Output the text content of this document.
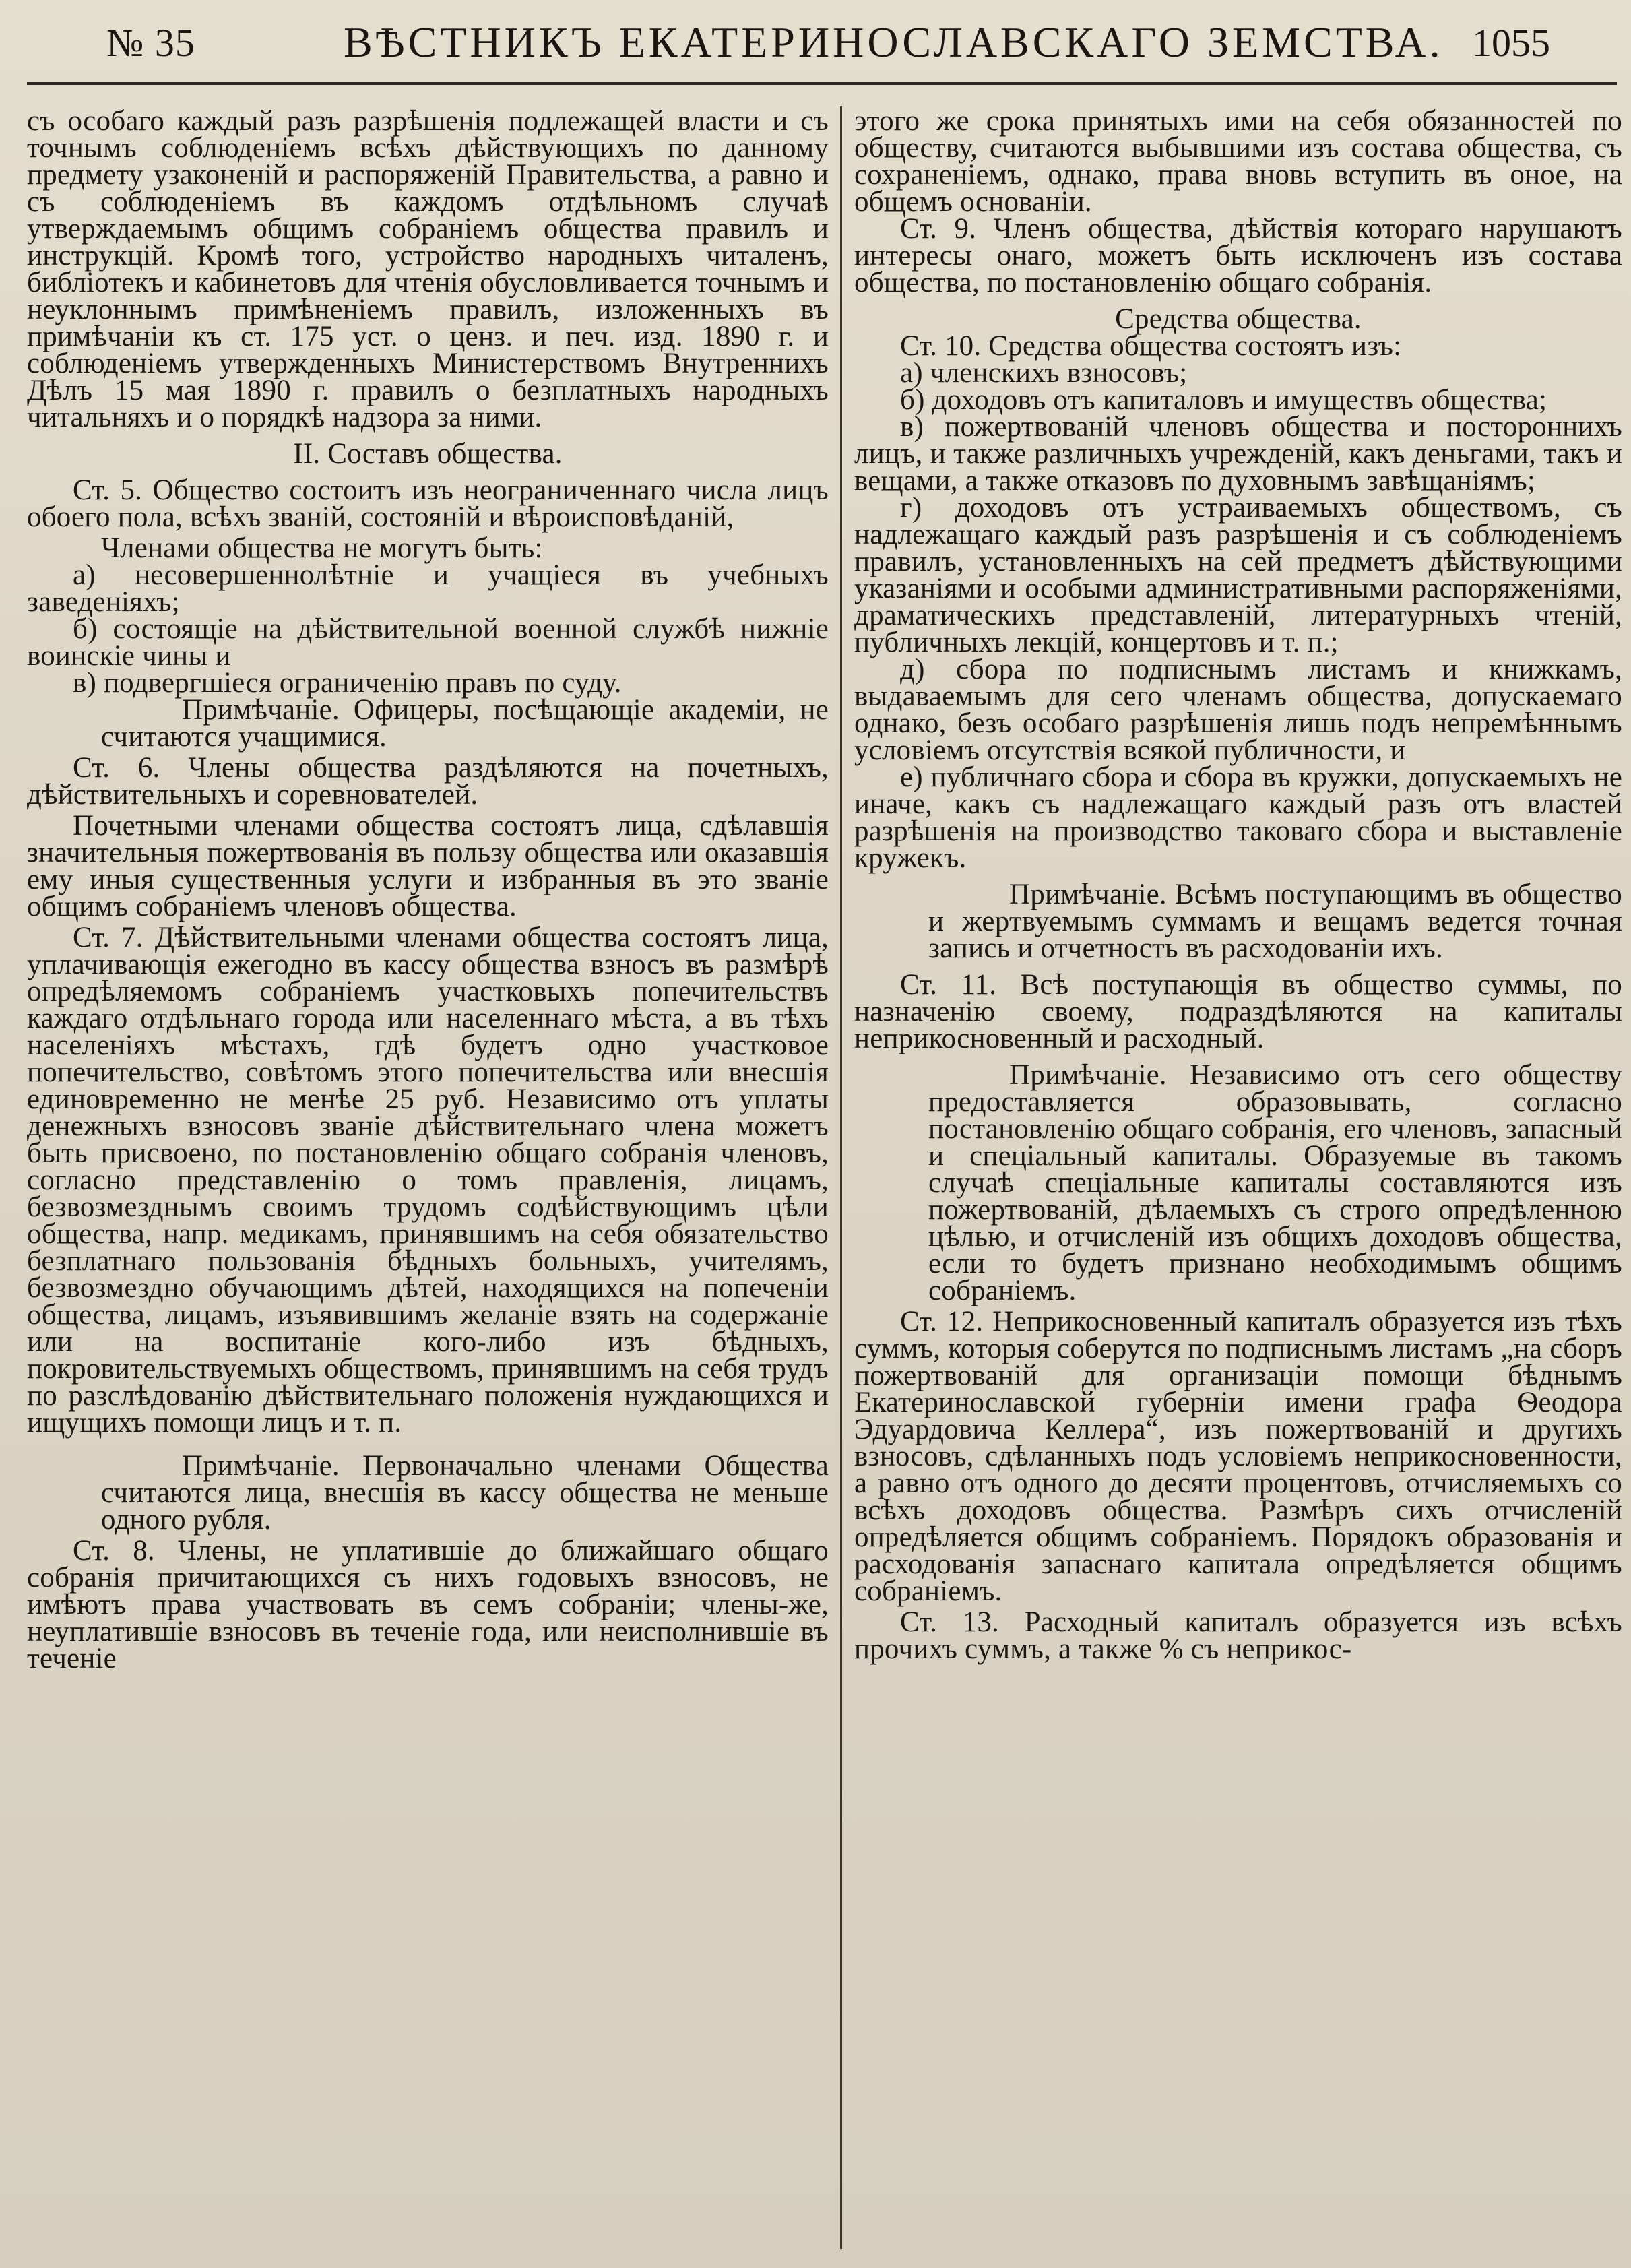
№ 35	ВѢСТНИКЪ ЕКАТЕРИНОСЛАВСКАГО ЗЕМСТВА. 1055

съ особаго каждый разъ разрѣшенія подлежащей власти и съ точнымъ соблюденіемъ всѣхъ дѣйствующихъ по данному предмету узаконеній и распоряженій Правительства, а равно и съ соблюденіемъ въ каждомъ отдѣльномъ случаѣ утверждаемымъ общимъ собраніемъ общества правилъ и инструкцій. Кромѣ того, устройство народныхъ читаленъ, библіотекъ и кабинетовъ для чтенія обусловливается точнымъ и неуклоннымъ примѣненіемъ правилъ, изложенныхъ въ примѣчаніи къ ст. 175 уст. о ценз. и печ. изд. 1890 г. и соблюденіемъ утвержденныхъ Министерствомъ Внутреннихъ Дѣлъ 15 мая 1890 г. правилъ о безплатныхъ народныхъ читальняхъ и о порядкѣ надзора за ними.

II. Составъ общества.

Ст. 5. Общество состоитъ изъ неограниченнаго числа лицъ обоего пола, всѣхъ званій, состояній и вѣроисповѣданій,

Членами общества не могутъ быть:

а) несовершеннолѣтніе и учащіеся въ учебныхъ заведеніяхъ;

б) состоящіе на дѣйствительной военной службѣ нижніе воинскіе чины и

в) подвергшіеся ограниченію правъ по суду.

Примѣчаніе. Офицеры, посѣщающіе академіи, не считаются учащимися.

Ст. 6. Члены общества раздѣляются на почетныхъ, дѣйствительныхъ и соревнователей.

Почетными членами общества состоятъ лица, сдѣлавшія значительныя пожертвованія въ пользу общества или оказавшія ему иныя существенныя услуги и избранныя въ это званіе общимъ собраніемъ членовъ общества.

Ст. 7. Дѣйствительными членами общества состоятъ лица, уплачивающія ежегодно въ кассу общества взносъ въ размѣрѣ опредѣляемомъ собраніемъ участковыхъ попечительствъ каждаго отдѣльнаго города или населеннаго мѣста, а въ тѣхъ населеніяхъ мѣстахъ, гдѣ будетъ одно участковое попечительство, совѣтомъ этого попечительства или внесшія единовременно не менѣе 25 руб. Независимо отъ уплаты денежныхъ взносовъ званіе дѣйствительнаго члена можетъ быть присвоено, по постановленію общаго собранія членовъ, согласно представленію о томъ правленія, лицамъ, безвозмезднымъ своимъ трудомъ содѣйствующимъ цѣли общества, напр. медикамъ, принявшимъ на себя обязательство безплатнаго пользованія бѣдныхъ больныхъ, учителямъ, безвозмездно обучающимъ дѣтей, находящихся на попеченіи общества, лицамъ, изъявившимъ желаніе взять на содержаніе или на воспитаніе кого-либо изъ бѣдныхъ, покровительствуемыхъ обществомъ, принявшимъ на себя трудъ по разслѣдованію дѣйствительнаго положенія нуждающихся и ищущихъ помощи лицъ и т. п.

Примѣчаніе. Первоначально членами Общества считаются лица, внесшія въ кассу общества не меньше одного рубля.

Ст. 8. Члены, не уплатившіе до ближайшаго общаго собранія причитающихся съ нихъ годовыхъ взносовъ, не имѣютъ права участвовать въ семъ собраніи; члены-же, неуплатившіе взносовъ въ теченіе года, или неисполнившіе въ теченіе

этого же срока принятыхъ ими на себя обязанностей по обществу, считаются выбывшими изъ состава общества, съ сохраненіемъ, однако, права вновь вступить въ оное, на общемъ основаніи.

Ст. 9. Членъ общества, дѣйствія котораго нарушаютъ интересы онаго, можетъ быть исключенъ изъ состава общества, по постановленію общаго собранія.

Средства общества.

Ст. 10. Средства общества состоятъ изъ:

а) членскихъ взносовъ;

б) доходовъ отъ капиталовъ и имуществъ общества;

в) пожертвованій членовъ общества и постороннихъ лицъ, и также различныхъ учрежденій, какъ деньгами, такъ и вещами, а также отказовъ по духовнымъ завѣщаніямъ;

г) доходовъ отъ устраиваемыхъ обществомъ, съ надлежащаго каждый разъ разрѣшенія и съ соблюденіемъ правилъ, установленныхъ на сей предметъ дѣйствующими указаніями и особыми административными распоряженіями, драматическихъ представленій, литературныхъ чтеній, публичныхъ лекцій, концертовъ и т. п.;

д) сбора по подписнымъ листамъ и книжкамъ, выдаваемымъ для сего членамъ общества, допускаемаго однако, безъ особаго разрѣшенія лишь подъ непремѣннымъ условіемъ отсутствія всякой публичности, и

е) публичнаго сбора и сбора въ кружки, допускаемыхъ не иначе, какъ съ надлежащаго каждый разъ отъ властей разрѣшенія на производство таковаго сбора и выставленіе кружекъ.

Примѣчаніе. Всѣмъ поступающимъ въ общество и жертвуемымъ суммамъ и вещамъ ведется точная запись и отчетность въ расходованіи ихъ.

Ст. 11. Всѣ поступающія въ общество суммы, по назначенію своему, подраздѣляются на капиталы неприкосновенный и расходный.

Примѣчаніе. Независимо отъ сего обществу предоставляется образовывать, согласно постановленію общаго собранія, его членовъ, запасный и спеціальный капиталы. Образуемые въ такомъ случаѣ спеціальные капиталы составляются изъ пожертвованій, дѣлаемыхъ съ строго опредѣленною цѣлью, и отчисленій изъ общихъ доходовъ общества, если то будетъ признано необходимымъ общимъ собраніемъ.

Ст. 12. Неприкосновенный капиталъ образуется изъ тѣхъ суммъ, которыя соберутся по подписнымъ листамъ „на сборъ пожертвованій для организаціи помощи бѣднымъ Екатеринославской губерніи имени графа Ѳеодора Эдуардовича Келлера“, изъ пожертвованій и другихъ взносовъ, сдѣланныхъ подъ условіемъ неприкосновенности, а равно отъ одного до десяти процентовъ, отчисляемыхъ со всѣхъ доходовъ общества. Размѣръ сихъ отчисленій опредѣляется общимъ собраніемъ. Порядокъ образованія и расходованія запаснаго капитала опредѣляется общимъ собраніемъ.

Ст. 13. Расходный капиталъ образуется изъ всѣхъ прочихъ суммъ, а также % съ неприкос-
